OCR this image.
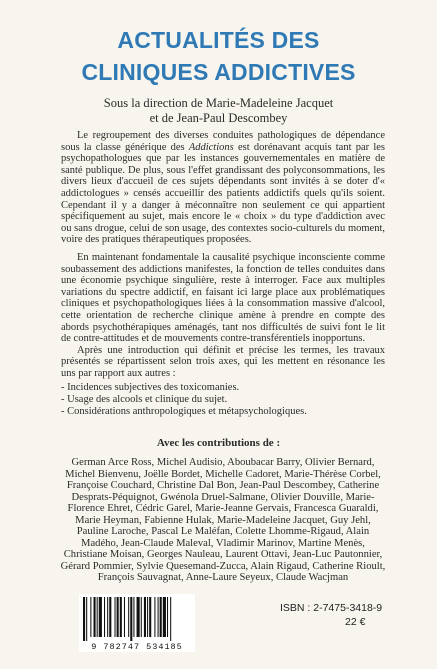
ACTUALITÉS DES
CLINIQUES ADDICTIVES

Sous la direction de Marie-Madeleine Jacquet

et de Jean-Paul Descombey

Le regroupement des diverses conduites pathologiques de dépendance sous la classe générique des Addictions est dorénavant acquis tant par les psychopathologues que par les instances gouvernementales en matière de santé publique. De plus, sous l'effet grandissant des polyconsommations, les divers lieux d'accueil de ces sujets dépendants sont invités à se doter d'« addictologues » censés accueillir des patients addictifs quels qu'ils soient. Cependant il y a danger à méconnaître non seulement ce qui appartient spécifiquement au sujet, mais encore le « choix » du type d'addiction avec ou sans drogue, celui de son usage, des contextes socio-culturels du moment, voire des pratiques thérapeutiques proposées.

En maintenant fondamentale la causalité psychique inconsciente comme soubassement des addictions manifestes, la fonction de telles conduites dans une économie psychique singulière, reste à interroger. Face aux multiples variations du spectre addictif, en faisant ici large place aux problématiques cliniques et psychopathologiques liées à la consommation massive d'alcool, cette orientation de recherche clinique amène à prendre en compte des abords psychothérapiques aménagés, tant nos difficultés de suivi font le lit de contre-attitudes et de mouvements contre-transférentiels inopportuns.

Après une introduction qui définit et précise les termes, les travaux présentés se répartissent selon trois axes, qui les mettent en résonance les uns par rapport aux autres :

- Incidences subjectives des toxicomanies.
- Usage des alcools et clinique du sujet.
- Considérations anthropologiques et métapsychologiques.

Avec les contributions de :

German Arce Ross, Michel Audisio, Aboubacar Barry, Olivier Bernard, Michel Bienvenu, Joëlle Bordet, Michelle Cadoret, Marie-Thérèse Corbel, Françoise Couchard, Christine Dal Bon, Jean-Paul Descombey, Catherine Desprats-Péquignot, Gwénola Druel-Salmane, Olivier Douville, Marie-Florence Ehret, Cédric Garel, Marie-Jeanne Gervais, Francesca Guaraldi, Marie Heyman, Fabienne Hulak, Marie-Madeleine Jacquet, Guy Jehl, Pauline Laroche, Pascal Le Maléfan, Colette Lhomme-Rigaud, Alain Madého, Jean-Claude Maleval, Vladimir Marinov, Martine Menès, Christiane Moisan, Georges Nauleau, Laurent Ottavi, Jean-Luc Pautonnier, Gérard Pommier, Sylvie Quesemand-Zucca, Alain Rigaud, Catherine Rioult, François Sauvagnat, Anne-Laure Seyeux, Claude Wacjman

9 782747 534185
ISBN : 2-7475-3418-9
22 €
